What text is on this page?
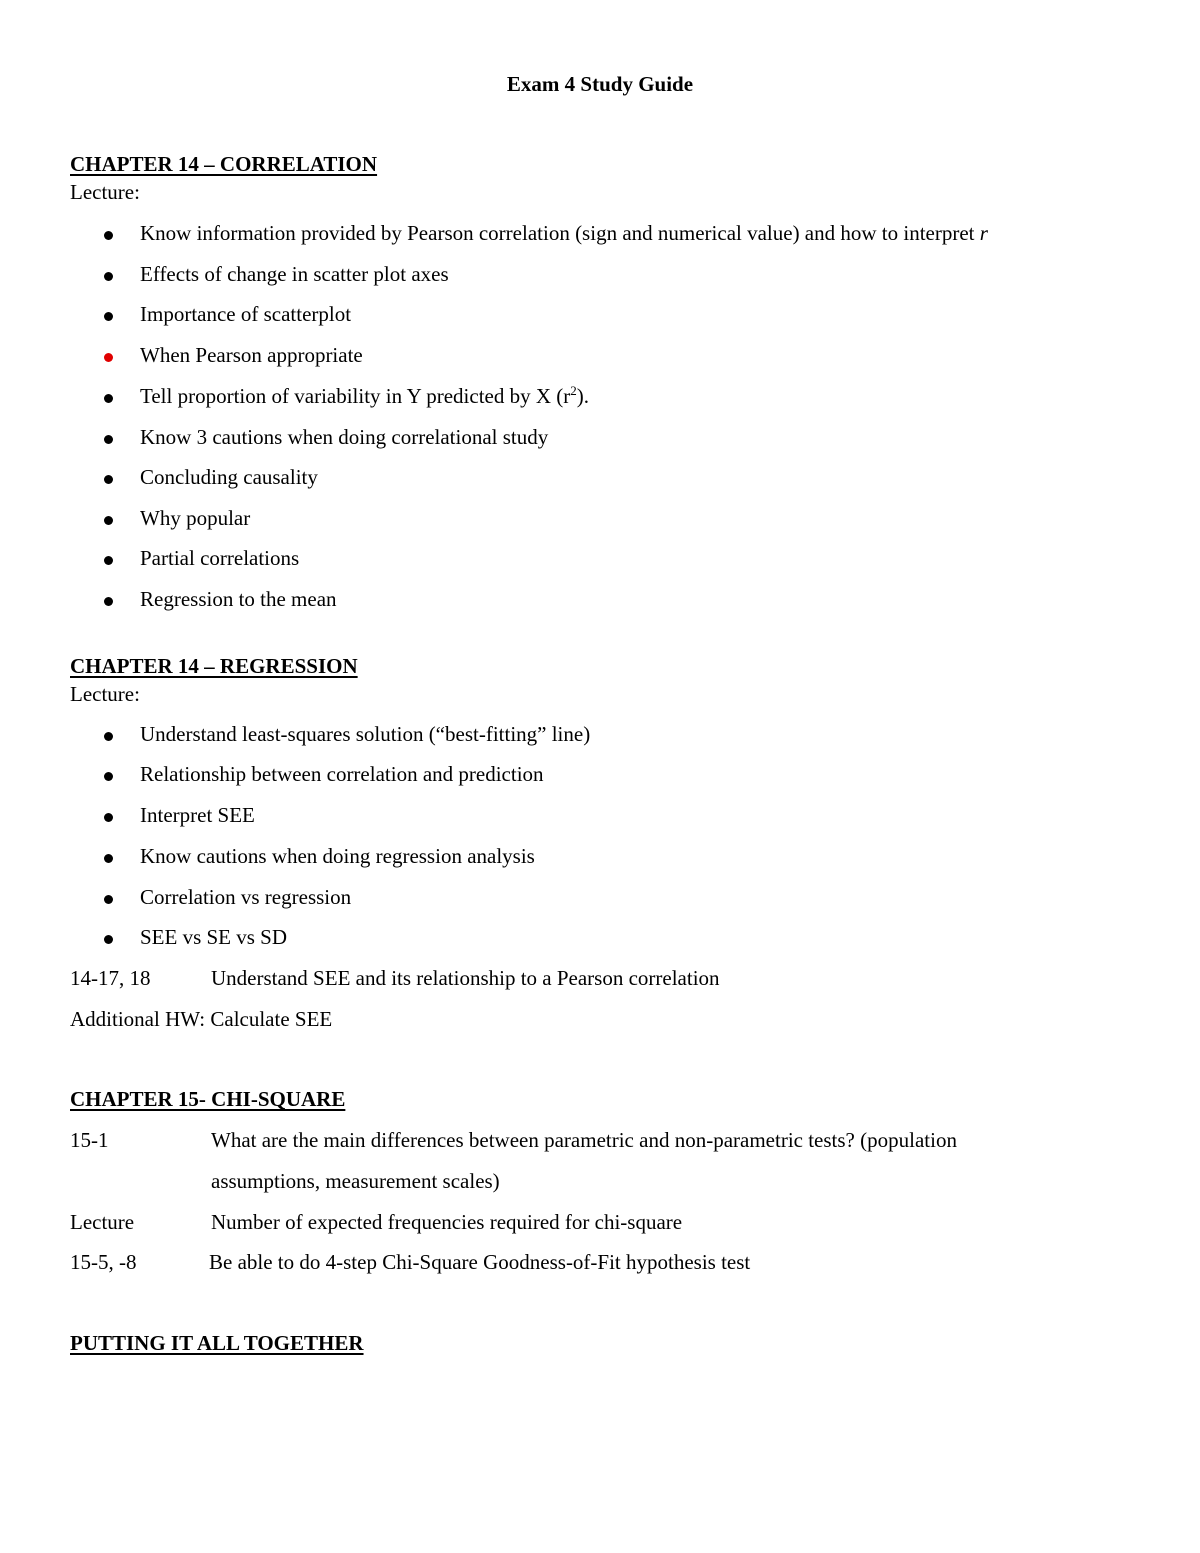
Exam 4 Study Guide
CHAPTER 14 – CORRELATION
Lecture:
Know information provided by Pearson correlation (sign and numerical value) and how to interpret r
Effects of change in scatter plot axes
Importance of scatterplot
When Pearson appropriate
Tell proportion of variability in Y predicted by X $(r^2)$.
Know 3 cautions when doing correlational study
Concluding causality
Why popular
Partial correlations
Regression to the mean
CHAPTER 14 – REGRESSION
Lecture:
Understand least-squares solution (“best-fitting” line)
Relationship between correlation and prediction
Interpret SEE
Know cautions when doing regression analysis
Correlation vs regression
SEE vs SE vs SD
14-17, 18	Understand SEE and its relationship to a Pearson correlation
Additional HW: Calculate SEE
CHAPTER 15- CHI-SQUARE
15-1	What are the main differences between parametric and non-parametric tests? (population
assumptions, measurement scales)
Lecture	Number of expected frequencies required for chi-square
15-5, -8	Be able to do 4-step Chi-Square Goodness-of-Fit hypothesis test
PUTTING IT ALL TOGETHER
